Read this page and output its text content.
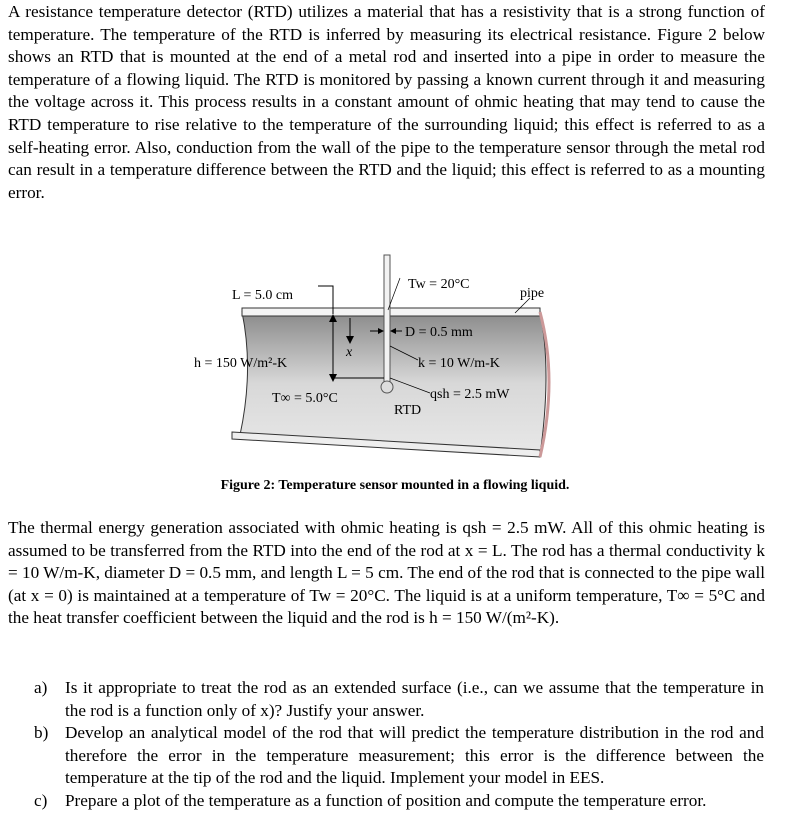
A resistance temperature detector (RTD) utilizes a material that has a resistivity that is a strong function of temperature. The temperature of the RTD is inferred by measuring its electrical resistance. Figure 2 below shows an RTD that is mounted at the end of a metal rod and inserted into a pipe in order to measure the temperature of a flowing liquid. The RTD is monitored by passing a known current through it and measuring the voltage across it. This process results in a constant amount of ohmic heating that may tend to cause the RTD temperature to rise relative to the temperature of the surrounding liquid; this effect is referred to as a self-heating error. Also, conduction from the wall of the pipe to the temperature sensor through the metal rod can result in a temperature difference between the RTD and the liquid; this effect is referred to as a mounting error.
L = 5.0 cm
Tw = 20°C
pipe
D = 0.5 mm
h = 150 W/m²-K
x
k = 10 W/m-K
T∞ = 5.0°C	qsh = 2.5 mW
RTD
Figure 2: Temperature sensor mounted in a flowing liquid.
The thermal energy generation associated with ohmic heating is qsh = 2.5 mW. All of this ohmic heating is assumed to be transferred from the RTD into the end of the rod at x = L. The rod has a thermal conductivity k = 10 W/m-K, diameter D = 0.5 mm, and length L = 5 cm. The end of the rod that is connected to the pipe wall (at x = 0) is maintained at a temperature of Tw = 20°C. The liquid is at a uniform temperature, T∞ = 5°C and the heat transfer coefficient between the liquid and the rod is h = 150 W/(m²-K).
a) Is it appropriate to treat the rod as an extended surface (i.e., can we assume that the temperature in the rod is a function only of x)? Justify your answer.
b) Develop an analytical model of the rod that will predict the temperature distribution in the rod and therefore the error in the temperature measurement; this error is the difference between the temperature at the tip of the rod and the liquid. Implement your model in EES.
c) Prepare a plot of the temperature as a function of position and compute the temperature error.
